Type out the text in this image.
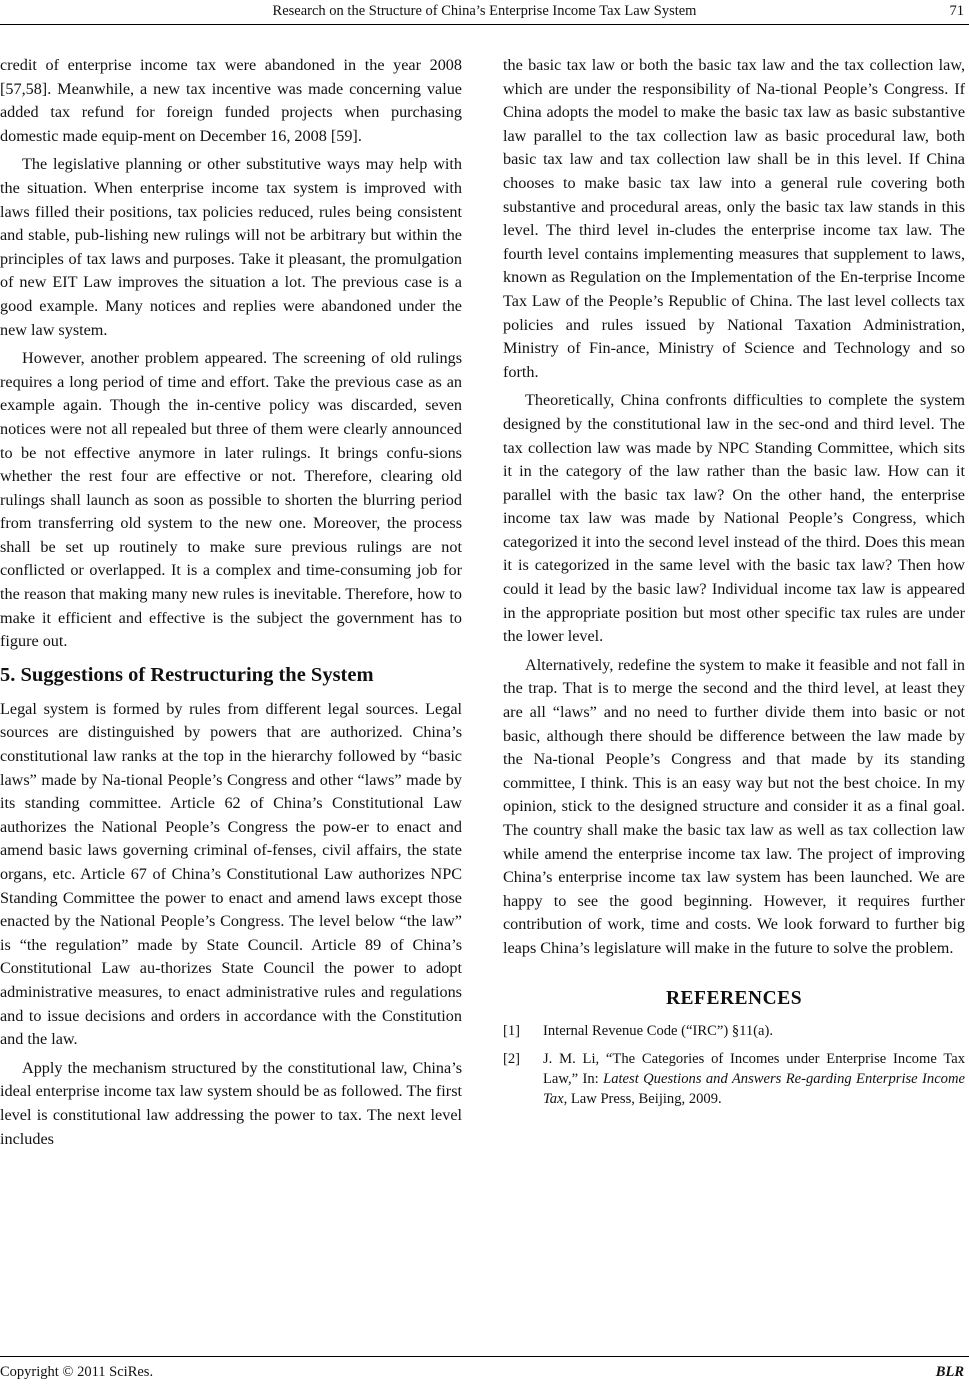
Research on the Structure of China’s Enterprise Income Tax Law System	71

credit of enterprise income tax were abandoned in the year 2008 [57,58]. Meanwhile, a new tax incentive was made concerning value added tax refund for foreign funded projects when purchasing domestic made equip-ment on December 16, 2008 [59].

The legislative planning or other substitutive ways may help with the situation. When enterprise income tax system is improved with laws filled their positions, tax policies reduced, rules being consistent and stable, pub-lishing new rulings will not be arbitrary but within the principles of tax laws and purposes. Take it pleasant, the promulgation of new EIT Law improves the situation a lot. The previous case is a good example. Many notices and replies were abandoned under the new law system.

However, another problem appeared. The screening of old rulings requires a long period of time and effort. Take the previous case as an example again. Though the in-centive policy was discarded, seven notices were not all repealed but three of them were clearly announced to be not effective anymore in later rulings. It brings confu-sions whether the rest four are effective or not. Therefore, clearing old rulings shall launch as soon as possible to shorten the blurring period from transferring old system to the new one. Moreover, the process shall be set up routinely to make sure previous rulings are not conflicted or overlapped. It is a complex and time-consuming job for the reason that making many new rules is inevitable. Therefore, how to make it efficient and effective is the subject the government has to figure out.

5. Suggestions of Restructuring the System

Legal system is formed by rules from different legal sources. Legal sources are distinguished by powers that are authorized. China’s constitutional law ranks at the top in the hierarchy followed by “basic laws” made by Na-tional People’s Congress and other “laws” made by its standing committee. Article 62 of China’s Constitutional Law authorizes the National People’s Congress the pow-er to enact and amend basic laws governing criminal of-fenses, civil affairs, the state organs, etc. Article 67 of China’s Constitutional Law authorizes NPC Standing Committee the power to enact and amend laws except those enacted by the National People’s Congress. The level below “the law” is “the regulation” made by State Council. Article 89 of China’s Constitutional Law au-thorizes State Council the power to adopt administrative measures, to enact administrative rules and regulations and to issue decisions and orders in accordance with the Constitution and the law.

Apply the mechanism structured by the constitutional law, China’s ideal enterprise income tax law system should be as followed. The first level is constitutional law addressing the power to tax. The next level includes

the basic tax law or both the basic tax law and the tax collection law, which are under the responsibility of Na-tional People’s Congress. If China adopts the model to make the basic tax law as basic substantive law parallel to the tax collection law as basic procedural law, both basic tax law and tax collection law shall be in this level. If China chooses to make basic tax law into a general rule covering both substantive and procedural areas, only the basic tax law stands in this level. The third level in-cludes the enterprise income tax law. The fourth level contains implementing measures that supplement to laws, known as Regulation on the Implementation of the En-terprise Income Tax Law of the People’s Republic of China. The last level collects tax policies and rules issued by National Taxation Administration, Ministry of Fin-ance, Ministry of Science and Technology and so forth.

Theoretically, China confronts difficulties to complete the system designed by the constitutional law in the sec-ond and third level. The tax collection law was made by NPC Standing Committee, which sits it in the category of the law rather than the basic law. How can it parallel with the basic tax law? On the other hand, the enterprise income tax law was made by National People’s Congress, which categorized it into the second level instead of the third. Does this mean it is categorized in the same level with the basic tax law? Then how could it lead by the basic law? Individual income tax law is appeared in the appropriate position but most other specific tax rules are under the lower level.

Alternatively, redefine the system to make it feasible and not fall in the trap. That is to merge the second and the third level, at least they are all “laws” and no need to further divide them into basic or not basic, although there should be difference between the law made by the Na-tional People’s Congress and that made by its standing committee, I think. This is an easy way but not the best choice. In my opinion, stick to the designed structure and consider it as a final goal. The country shall make the basic tax law as well as tax collection law while amend the enterprise income tax law. The project of improving China’s enterprise income tax law system has been launched. We are happy to see the good beginning. However, it requires further contribution of work, time and costs. We look forward to further big leaps China’s legislature will make in the future to solve the problem.

REFERENCES
[1] Internal Revenue Code (“IRC”) §11(a).
[2] J. M. Li, “The Categories of Incomes under Enterprise Income Tax Law,” In: Latest Questions and Answers Re-garding Enterprise Income Tax, Law Press, Beijing, 2009.
Copyright © 2011 SciRes.	BLR
